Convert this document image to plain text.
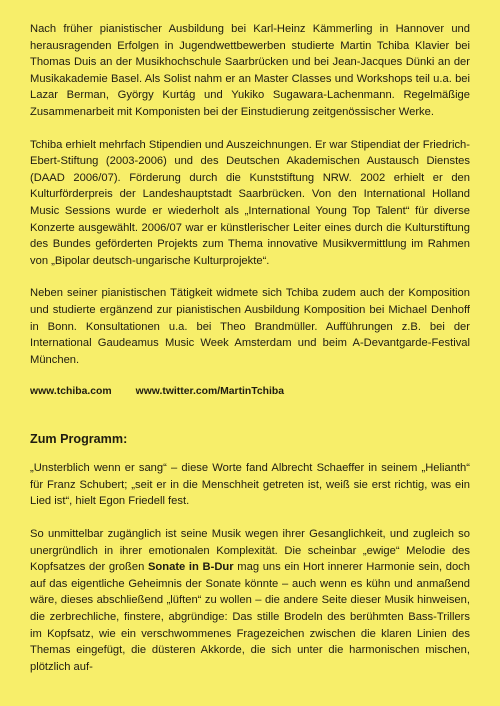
Nach früher pianistischer Ausbildung bei Karl-Heinz Kämmerling in Hannover und herausragenden Erfolgen in Jugendwettbewerben studierte Martin Tchiba Klavier bei Thomas Duis an der Musikhochschule Saarbrücken und bei Jean-Jacques Dünki an der Musikakademie Basel. Als Solist nahm er an Master Classes und Workshops teil u.a. bei Lazar Berman, György Kurtág und Yukiko Sugawara-Lachenmann. Regelmäßige Zusammenarbeit mit Komponisten bei der Einstudierung zeitgenössischer Werke.

Tchiba erhielt mehrfach Stipendien und Auszeichnungen. Er war Stipendiat der Friedrich-Ebert-Stiftung (2003-2006) und des Deutschen Akademischen Austausch Dienstes (DAAD 2006/07). Förderung durch die Kunststiftung NRW. 2002 erhielt er den Kulturförderpreis der Landeshauptstadt Saarbrücken. Von den International Holland Music Sessions wurde er wiederholt als „International Young Top Talent“ für diverse Konzerte ausgewählt. 2006/07 war er künstlerischer Leiter eines durch die Kulturstiftung des Bundes geförderten Projekts zum Thema innovative Musikvermittlung im Rahmen von „Bipolar deutsch-ungarische Kulturprojekte“.

Neben seiner pianistischen Tätigkeit widmete sich Tchiba zudem auch der Komposition und studierte ergänzend zur pianistischen Ausbildung Komposition bei Michael Denhoff in Bonn. Konsultationen u.a. bei Theo Brandmüller. Aufführungen z.B. bei der International Gaudeamus Music Week Amsterdam und beim A-Devantgarde-Festival München.

www.tchiba.com www.twitter.com/MartinTchiba

Zum Programm:

„Unsterblich wenn er sang“ – diese Worte fand Albrecht Schaeffer in seinem „Helianth“ für Franz Schubert; „seit er in die Menschheit getreten ist, weiß sie erst richtig, was ein Lied ist“, hielt Egon Friedell fest.

So unmittelbar zugänglich ist seine Musik wegen ihrer Gesanglichkeit, und zugleich so unergründlich in ihrer emotionalen Komplexität. Die scheinbar „ewige“ Melodie des Kopfsatzes der großen Sonate in B-Dur mag uns ein Hort innerer Harmonie sein, doch auf das eigentliche Geheimnis der Sonate könnte – auch wenn es kühn und anmaßend wäre, dieses abschließend „lüften“ zu wollen – die andere Seite dieser Musik hinweisen, die zerbrechliche, finstere, abgründige: Das stille Brodeln des berühmten Bass-Trillers im Kopfsatz, wie ein verschwommenes Fragezeichen zwischen die klaren Linien des Themas eingefügt, die düsteren Akkorde, die sich unter die harmonischen mischen, plötzlich auf-
